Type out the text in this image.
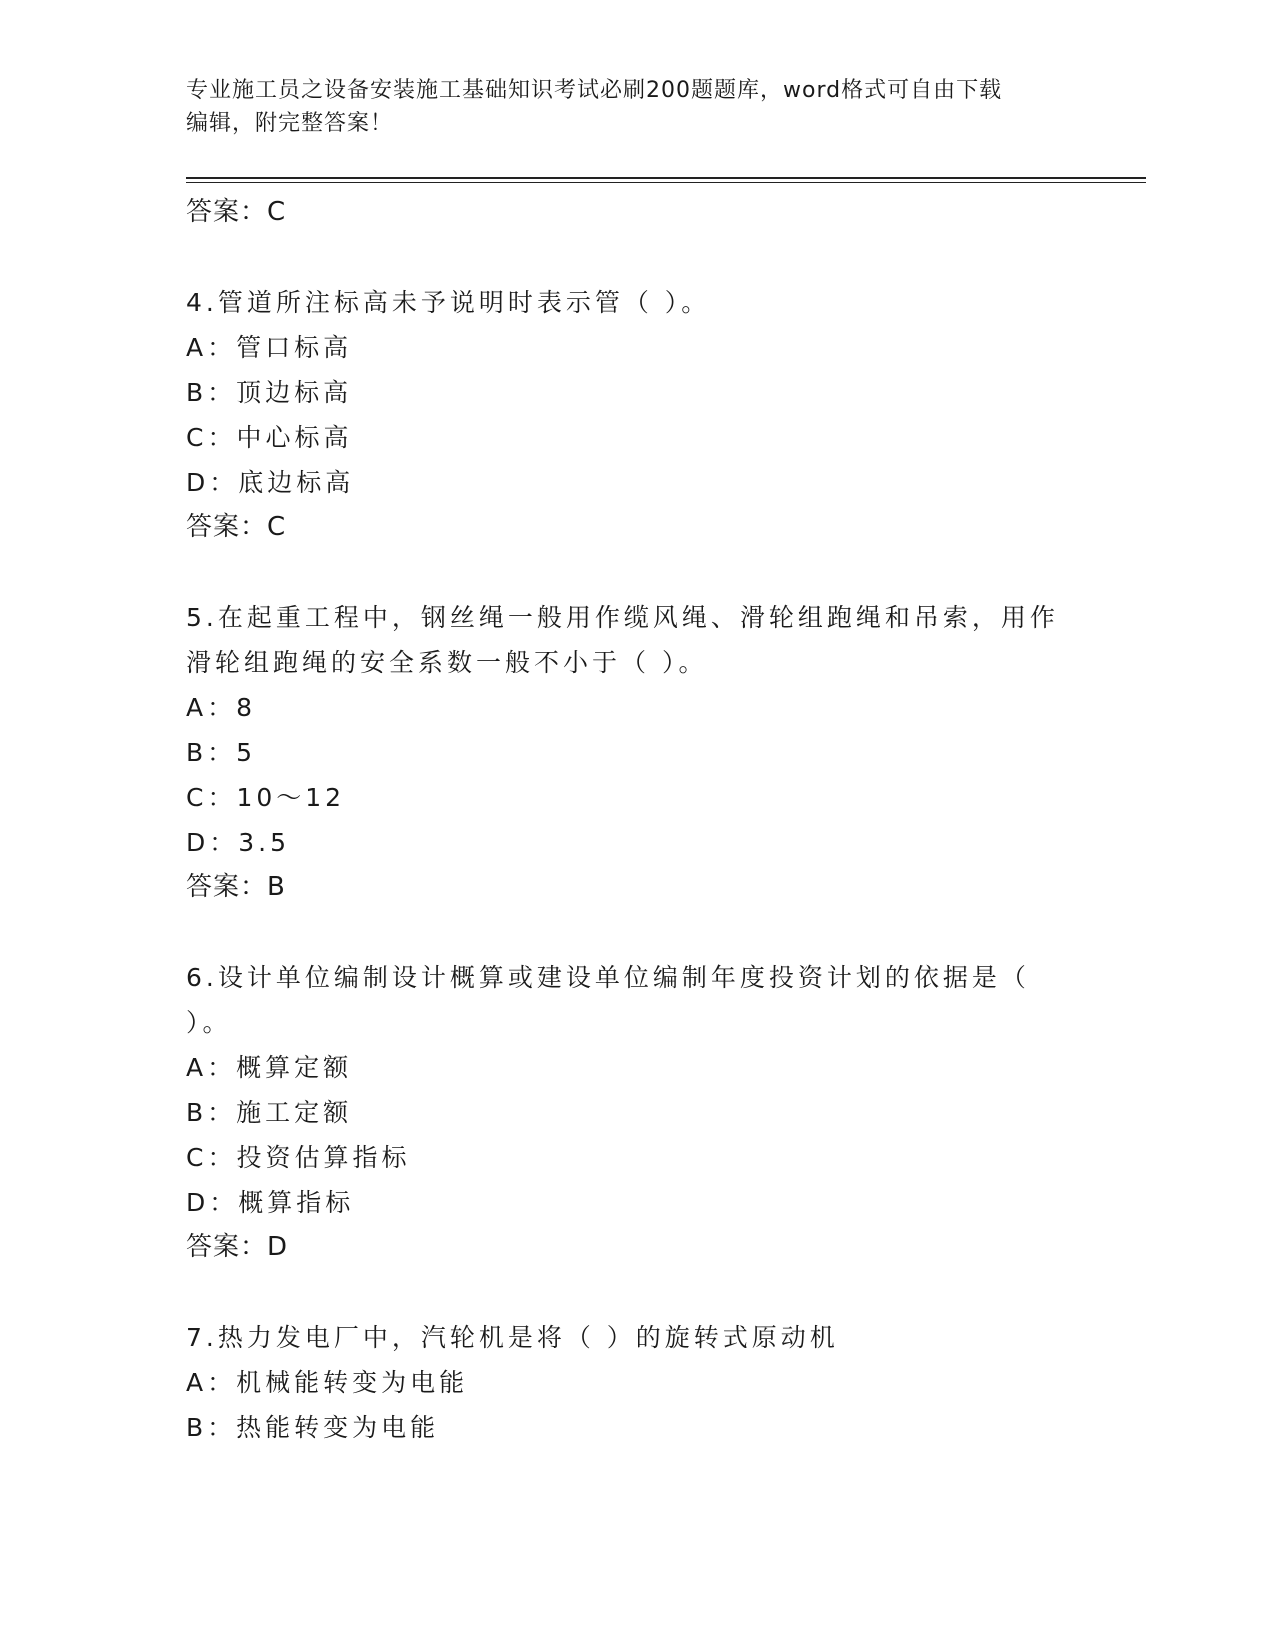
专业施工员之设备安装施工基础知识考试必刷200题题库，word格式可自由下载
编辑，附完整答案！
答案：C
4.管道所注标高未予说明时表示管（ ）。
A：管口标高
B：顶边标高
C：中心标高
D：底边标高
答案：C
5.在起重工程中，钢丝绳一般用作缆风绳、滑轮组跑绳和吊索，用作滑轮组跑绳的安全系数一般不小于（ ）。
A：8
B：5
C：10～12
D：3.5
答案：B
6.设计单位编制设计概算或建设单位编制年度投资计划的依据是（ ）。
A：概算定额
B：施工定额
C：投资估算指标
D：概算指标
答案：D
7.热力发电厂中，汽轮机是将（ ）的旋转式原动机
A：机械能转变为电能
B：热能转变为电能
